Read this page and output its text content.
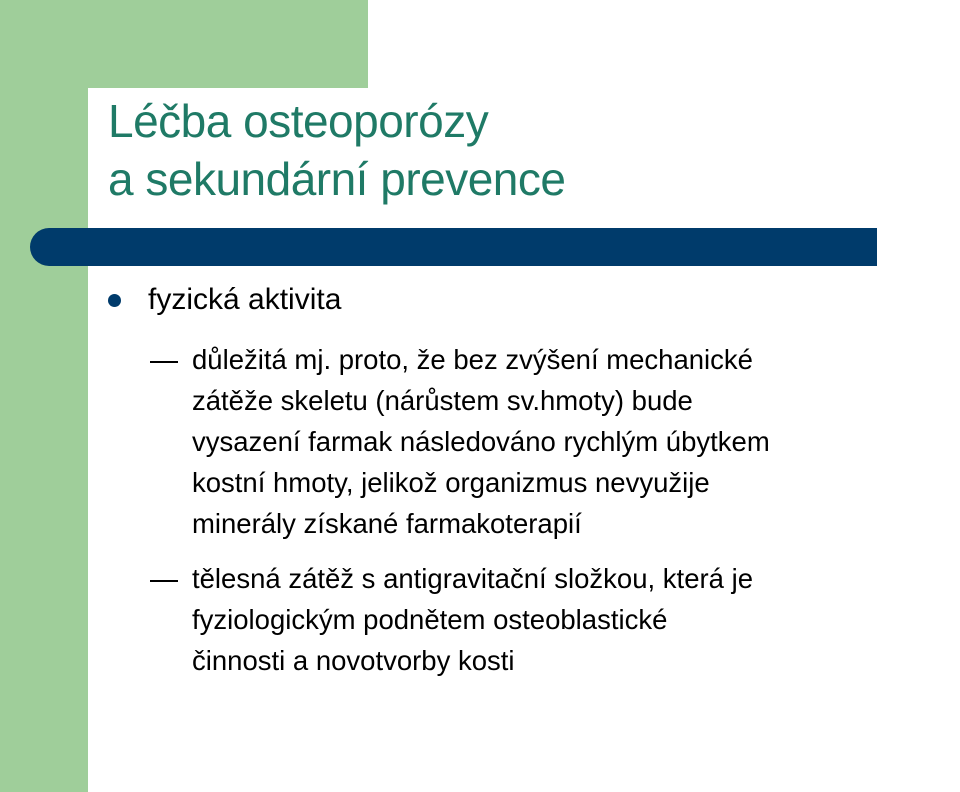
Léčba osteoporózy
a sekundární prevence
fyzická aktivita
důležitá mj. proto, že bez zvýšení mechanické
zátěže skeletu (nárůstem sv.hmoty) bude
vysazení farmak následováno rychlým úbytkem
kostní hmoty, jelikož organizmus nevyužije
minerály získané farmakoterapií
tělesná zátěž s antigravitační složkou, která je
fyziologickým podnětem osteoblastické
činnosti a novotvorby kosti
